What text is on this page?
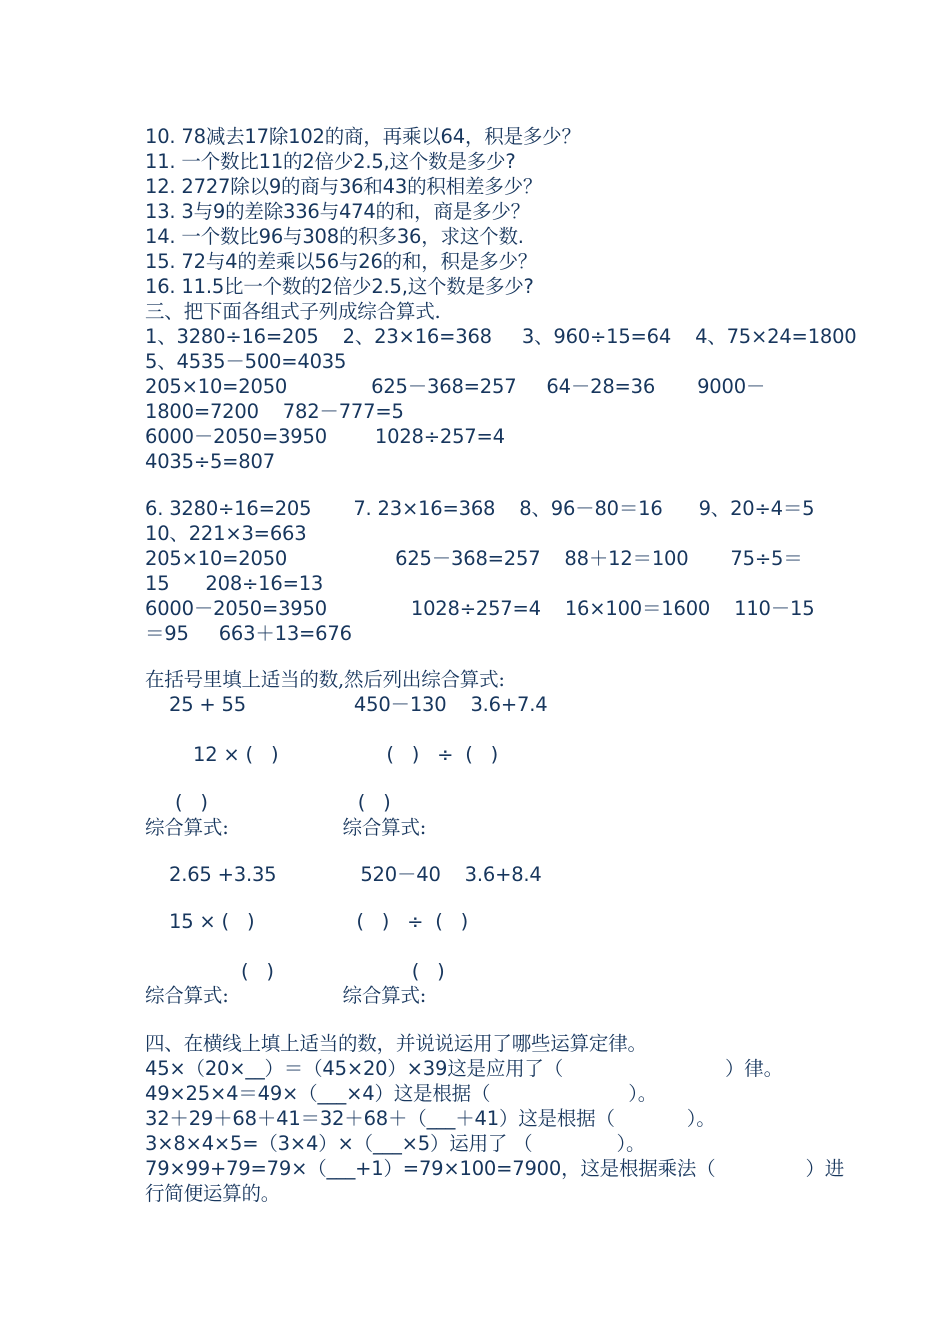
10. 78减去17除102的商，再乘以64，积是多少？
11. 一个数比11的2倍少2.5,这个数是多少?
12. 2727除以9的商与36和43的积相差多少？
13. 3与9的差除336与474的和，商是多少？
14. 一个数比96与308的积多36，求这个数.
15. 72与4的差乘以56与26的和，积是多少？
16. 11.5比一个数的2倍少2.5,这个数是多少?
三、把下面各组式子列成综合算式.
1、3280÷16=205    2、23×16=368     3、960÷15=64    4、75×24=1800
5、4535－500=4035
205×10=2050              625－368=257     64－28=36       9000－
1800=7200    782－777=5
6000－2050=3950        1028÷257=4
4035÷5=807
6. 3280÷16=205       7. 23×16=368    8、96－80＝16      9、20÷4＝5
10、221×3=663
205×10=2050                  625－368=257    88＋12＝100       75÷5＝
15      208÷16=13
6000－2050=3950              1028÷257=4    16×100＝1600    110－15
＝95     663＋13=676
在括号里填上适当的数,然后列出综合算式:
25 + 55                  450－130    3.6+7.4
12 × (   )                  (   )   ÷  (   )
(   )                         (   )
综合算式:                   综合算式:
2.65 +3.35              520－40    3.6+8.4
15 × (   )                 (   )   ÷  (   )
(   )                       (   )
综合算式:                   综合算式:
四、在横线上填上适当的数，并说说运用了哪些运算定律。
45×（20×__）＝（45×20）×39这是应用了（                           ）律。
49×25×4＝49×（___×4）这是根据（                       ）。
32＋29＋68＋41＝32＋68＋（___＋41）这是根据（            ）。
3×8×4×5=（3×4）×（___×5）运用了 （              ）。
79×99+79=79×（___+1）=79×100=7900，这是根据乘法（               ）进
行简便运算的。
